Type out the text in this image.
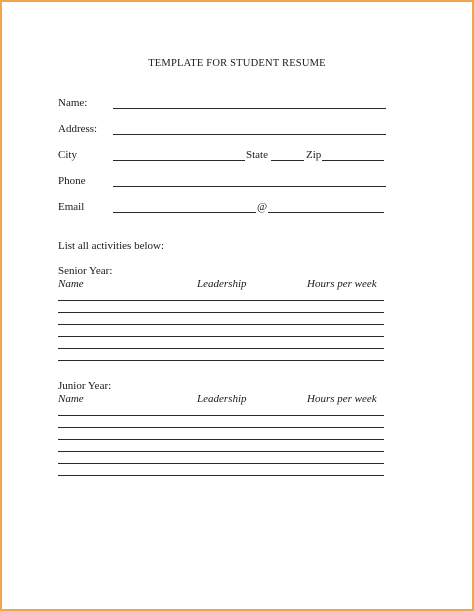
TEMPLATE FOR STUDENT RESUME
Name:
Address:
City	State	Zip
Phone
Email	@
List all activities below:
Senior Year:
Name	Leadership	Hours per week
Junior Year:
Name	Leadership	Hours per week
